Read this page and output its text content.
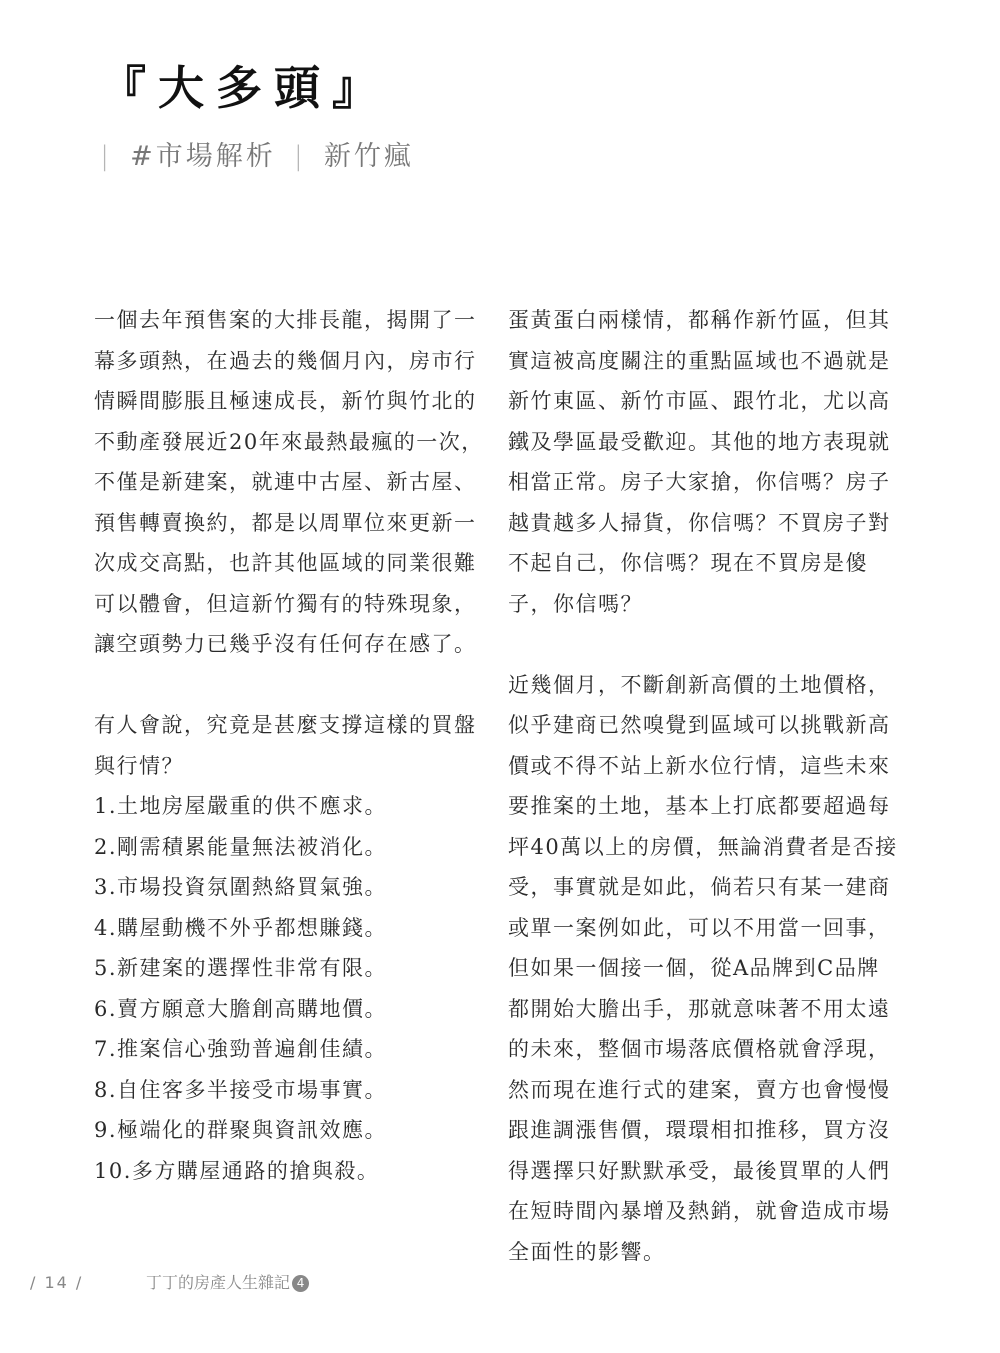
『大多頭』
| #市場解析 | 新竹瘋

一個去年預售案的大排長龍，揭開了一幕多頭熱，在過去的幾個月內，房市行情瞬間膨脹且極速成長，新竹與竹北的不動產發展近20年來最熱最瘋的一次，不僅是新建案，就連中古屋、新古屋、預售轉賣換約，都是以周單位來更新一次成交高點，也許其他區域的同業很難可以體會，但這新竹獨有的特殊現象，讓空頭勢力已幾乎沒有任何存在感了。

有人會說，究竟是甚麼支撐這樣的買盤與行情？

1.土地房屋嚴重的供不應求。
2.剛需積累能量無法被消化。
3.市場投資氛圍熱絡買氣強。
4.購屋動機不外乎都想賺錢。
5.新建案的選擇性非常有限。
6.賣方願意大膽創高購地價。
7.推案信心強勁普遍創佳績。
8.自住客多半接受市場事實。
9.極端化的群聚與資訊效應。
10.多方購屋通路的搶與殺。

蛋黃蛋白兩樣情，都稱作新竹區，但其實這被高度關注的重點區域也不過就是新竹東區、新竹市區、跟竹北，尤以高鐵及學區最受歡迎。其他的地方表現就相當正常。房子大家搶，你信嗎？房子越貴越多人掃貨，你信嗎？不買房子對不起自己，你信嗎？現在不買房是傻子，你信嗎？

近幾個月，不斷創新高價的土地價格，似乎建商已然嗅覺到區域可以挑戰新高價或不得不站上新水位行情，這些未來要推案的土地，基本上打底都要超過每坪40萬以上的房價，無論消費者是否接受，事實就是如此，倘若只有某一建商或單一案例如此，可以不用當一回事，但如果一個接一個，從A品牌到C品牌都開始大膽出手，那就意味著不用太遠的未來，整個市場落底價格就會浮現，然而現在進行式的建案，賣方也會慢慢跟進調漲售價，環環相扣推移，買方沒得選擇只好默默承受，最後買單的人們在短時間內暴增及熱銷，就會造成市場全面性的影響。

/ 14 /	丁丁的房產人生雜記 4
